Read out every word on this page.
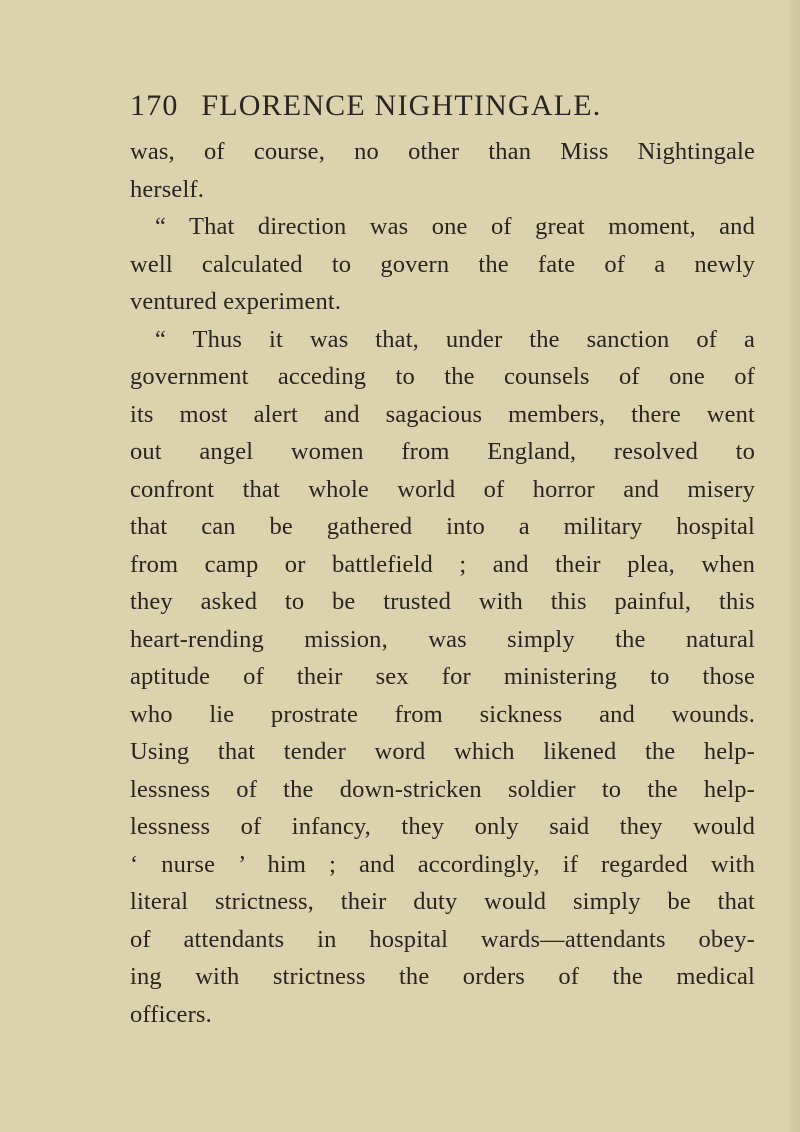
170 FLORENCE NIGHTINGALE.
was, of course, no other than Miss Nightingale
herself.
“ That direction was one of great moment, and
well calculated to govern the fate of a newly
ventured experiment.
“ Thus it was that, under the sanction of a
government acceding to the counsels of one of
its most alert and sagacious members, there went
out angel women from England, resolved to
confront that whole world of horror and misery
that can be gathered into a military hospital
from camp or battlefield ; and their plea, when
they asked to be trusted with this painful, this
heart-rending mission, was simply the natural
aptitude of their sex for ministering to those
who lie prostrate from sickness and wounds.
Using that tender word which likened the help-
lessness of the down-stricken soldier to the help-
lessness of infancy, they only said they would
‘ nurse ’ him ; and accordingly, if regarded with
literal strictness, their duty would simply be that
of attendants in hospital wards—attendants obey-
ing with strictness the orders of the medical
officers.
